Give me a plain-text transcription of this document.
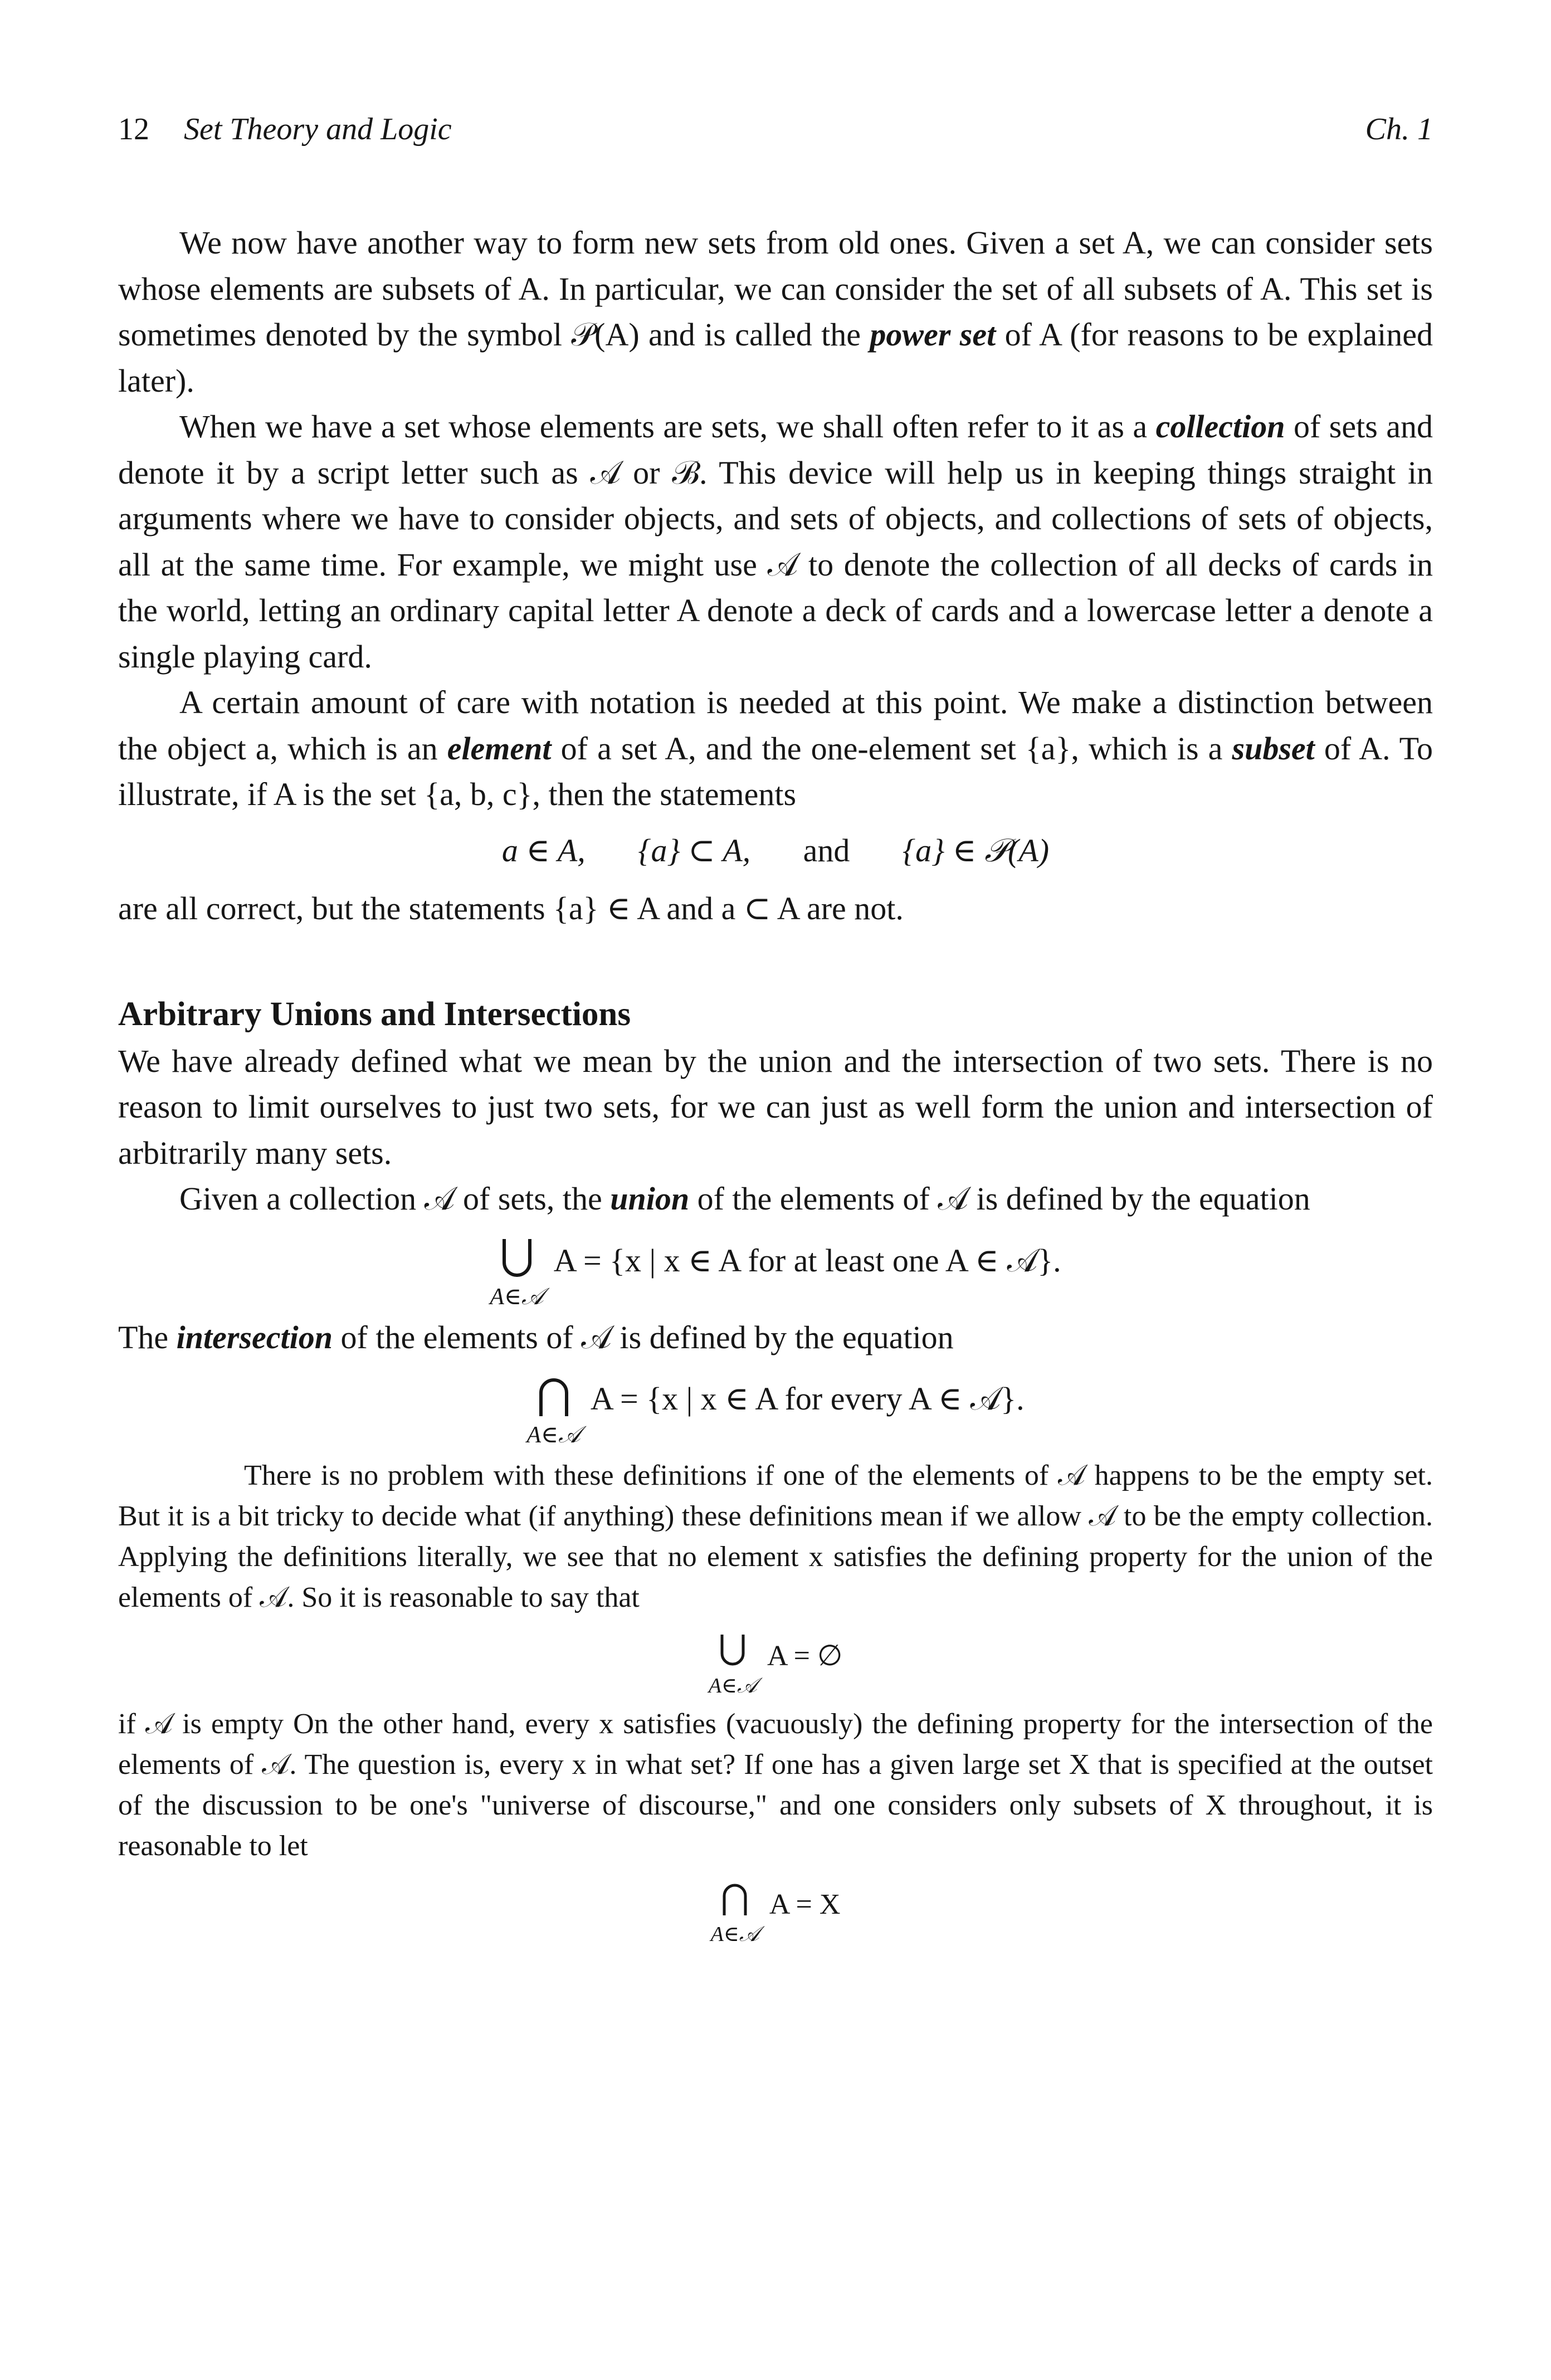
12 Set Theory and Logic	Ch. 1

We now have another way to form new sets from old ones. Given a set A, we can consider sets whose elements are subsets of A. In particular, we can consider the set of all subsets of A. This set is sometimes denoted by the symbol 𝒫(A) and is called the power set of A (for reasons to be explained later).

When we have a set whose elements are sets, we shall often refer to it as a collection of sets and denote it by a script letter such as 𝒜 or ℬ. This device will help us in keeping things straight in arguments where we have to consider objects, and sets of objects, and collections of sets of objects, all at the same time. For example, we might use 𝒜 to denote the collection of all decks of cards in the world, letting an ordinary capital letter A denote a deck of cards and a lowercase letter a denote a single playing card.

A certain amount of care with notation is needed at this point. We make a distinction between the object a, which is an element of a set A, and the one-element set {a}, which is a subset of A. To illustrate, if A is the set {a, b, c}, then the statements

a ∈ A, {a} ⊂ A, and {a} ∈ 𝒫(A)

are all correct, but the statements {a} ∈ A and a ⊂ A are not.

Arbitrary Unions and Intersections

We have already defined what we mean by the union and the intersection of two sets. There is no reason to limit ourselves to just two sets, for we can just as well form the union and intersection of arbitrarily many sets.

Given a collection 𝒜 of sets, the union of the elements of 𝒜 is defined by the equation

A∈𝒜
A = {x | x ∈ A for at least one A ∈ 𝒜}.

The intersection of the elements of 𝒜 is defined by the equation

A∈𝒜
A = {x | x ∈ A for every A ∈ 𝒜}.

There is no problem with these definitions if one of the elements of 𝒜 happens to be the empty set. But it is a bit tricky to decide what (if anything) these definitions mean if we allow 𝒜 to be the empty collection. Applying the definitions literally, we see that no element x satisfies the defining property for the union of the elements of 𝒜. So it is reasonable to say that

A∈𝒜
A = ∅

if 𝒜 is empty On the other hand, every x satisfies (vacuously) the defining property for the intersection of the elements of 𝒜. The question is, every x in what set? If one has a given large set X that is specified at the outset of the discussion to be one's "universe of discourse," and one considers only subsets of X throughout, it is reasonable to let

A∈𝒜
A = X
